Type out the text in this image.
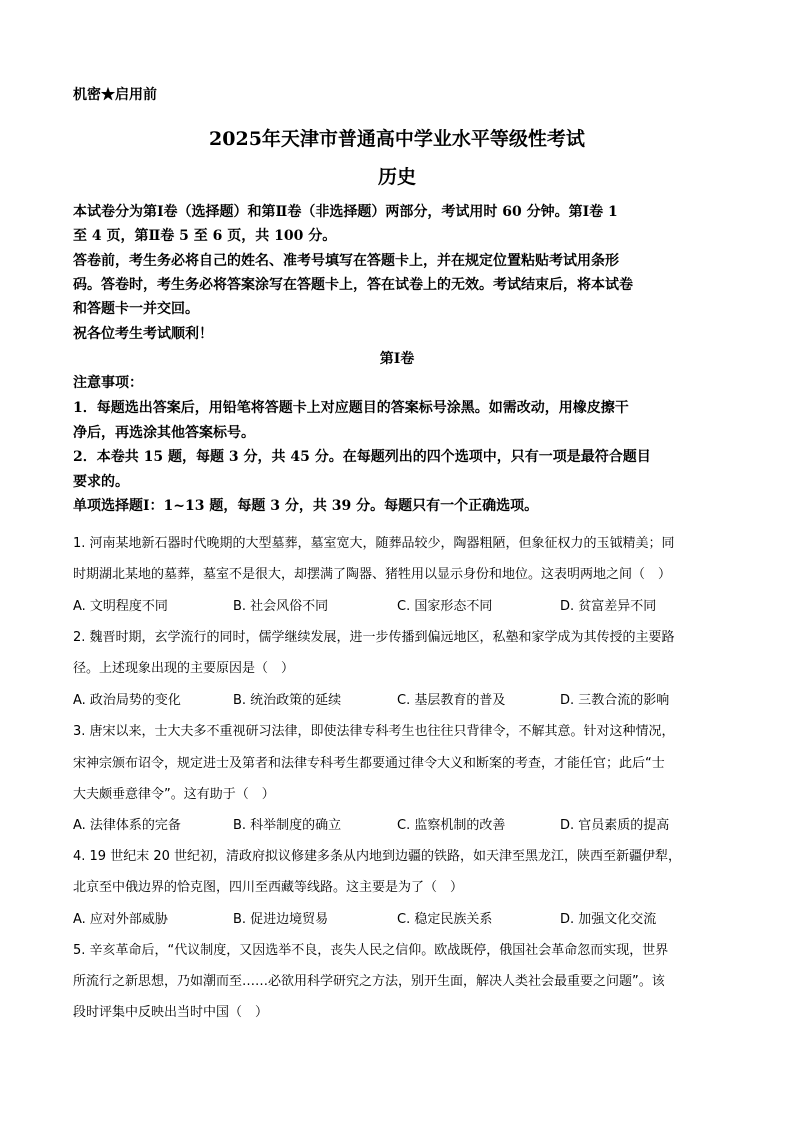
机密★启用前
2025年天津市普通高中学业水平等级性考试
历史
本试卷分为第Ⅰ卷（选择题）和第Ⅱ卷（非选择题）两部分，考试用时 60 分钟。第Ⅰ卷 1
至 4 页，第Ⅱ卷 5 至 6 页，共 100 分。
答卷前，考生务必将自己的姓名、准考号填写在答题卡上，并在规定位置粘贴考试用条形
码。答卷时，考生务必将答案涂写在答题卡上，答在试卷上的无效。考试结束后，将本试卷
和答题卡一并交回。
祝各位考生考试顺利！
第Ⅰ卷
注意事项：
1．每题选出答案后，用铅笔将答题卡上对应题目的答案标号涂黑。如需改动，用橡皮擦干
净后，再选涂其他答案标号。
2．本卷共 15 题，每题 3 分，共 45 分。在每题列出的四个选项中，只有一项是最符合题目
要求的。
单项选择题Ⅰ：1~13 题，每题 3 分，共 39 分。每题只有一个正确选项。
1. 河南某地新石器时代晚期的大型墓葬，墓室宽大，随葬品较少，陶器粗陋，但象征权力的玉钺精美；同
时期湖北某地的墓葬，墓室不是很大，却摆满了陶器、猪牲用以显示身份和地位。这表明两地之间（　）
A. 文明程度不同	B. 社会风俗不同	C. 国家形态不同	D. 贫富差异不同
2. 魏晋时期，玄学流行的同时，儒学继续发展，进一步传播到偏远地区，私塾和家学成为其传授的主要路
径。上述现象出现的主要原因是（　）
A. 政治局势的变化	B. 统治政策的延续	C. 基层教育的普及	D. 三教合流的影响
3. 唐宋以来，士大夫多不重视研习法律，即使法律专科考生也往往只背律令，不解其意。针对这种情况，
宋神宗颁布诏令，规定进士及第者和法律专科考生都要通过律令大义和断案的考查，才能任官；此后“士
大夫颇垂意律令”。这有助于（　）
A. 法律体系的完备	B. 科举制度的确立	C. 监察机制的改善	D. 官员素质的提高
4. 19 世纪末 20 世纪初，清政府拟议修建多条从内地到边疆的铁路，如天津至黑龙江，陕西至新疆伊犁，
北京至中俄边界的恰克图，四川至西藏等线路。这主要是为了（　）
A. 应对外部威胁	B. 促进边境贸易	C. 稳定民族关系	D. 加强文化交流
5. 辛亥革命后，“代议制度，又因选举不良，丧失人民之信仰。欧战既停，俄国社会革命忽而实现，世界
所流行之新思想，乃如潮而至……必欲用科学研究之方法，别开生面，解决人类社会最重要之问题”。该
段时评集中反映出当时中国（　）
